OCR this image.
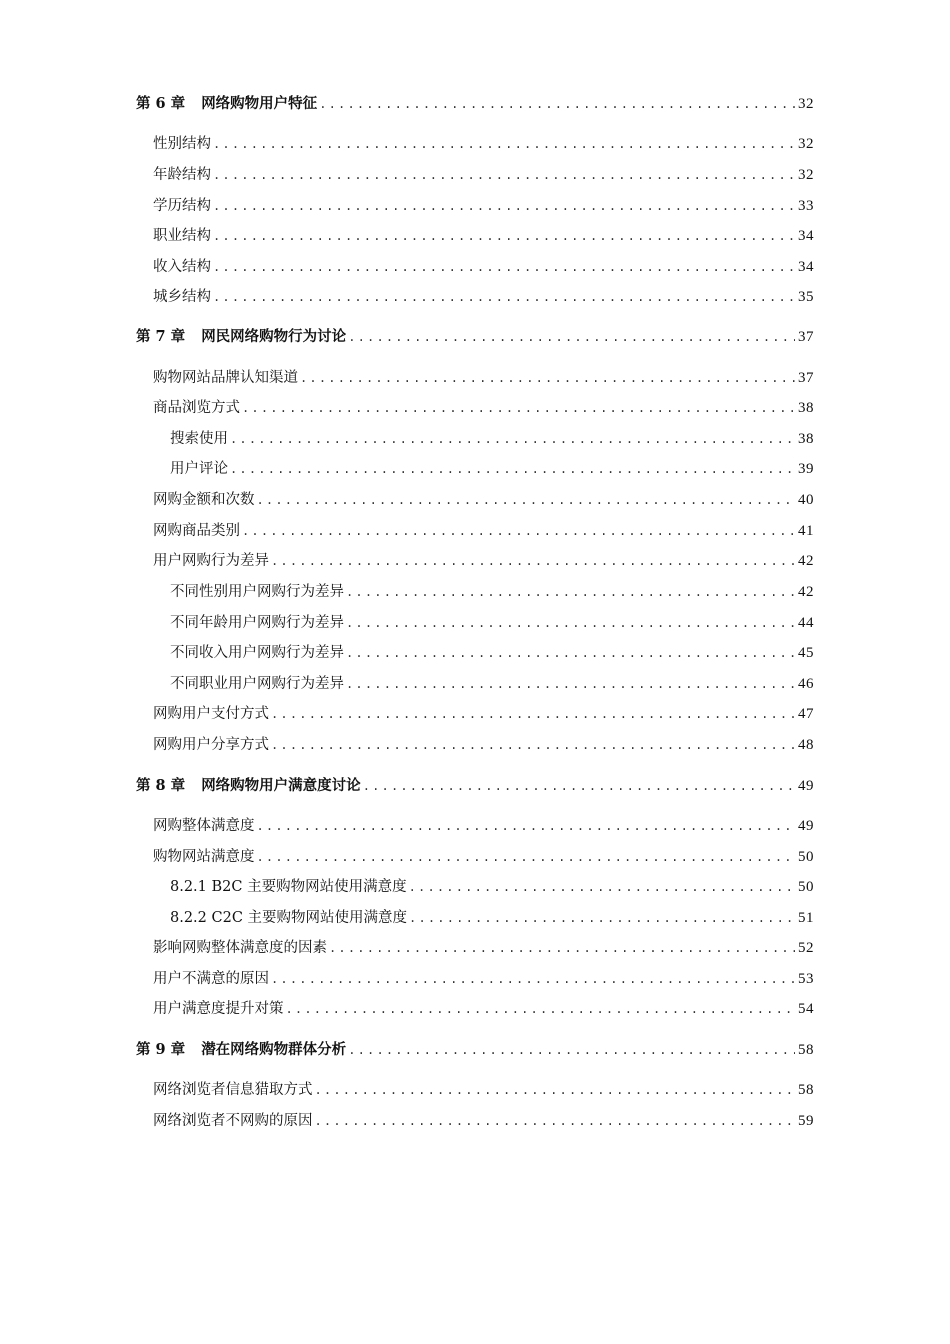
第 6 章 网络购物用户特征 .....	32
性别结构 .....	32
年龄结构 .....	32
学历结构 .....	33
职业结构 .....	34
收入结构 .....	34
城乡结构 .....	35
第 7 章 网民网络购物行为讨论 .....	37
购物网站品牌认知渠道 .....	37
商品浏览方式 .....	38
搜索使用 .....	38
用户评论 .....	39
网购金额和次数 .....	40
网购商品类别 .....	41
用户网购行为差异 .....	42
不同性别用户网购行为差异 .....	42
不同年龄用户网购行为差异 .....	44
不同收入用户网购行为差异 .....	45
不同职业用户网购行为差异 .....	46
网购用户支付方式 .....	47
网购用户分享方式 .....	48
第 8 章 网络购物用户满意度讨论 .....	49
网购整体满意度 .....	49
购物网站满意度 .....	50
8.2.1 B2C 主要购物网站使用满意度 .....	50
8.2.2 C2C 主要购物网站使用满意度 .....	51
影响网购整体满意度的因素 .....	52
用户不满意的原因 .....	53
用户满意度提升对策 .....	54
第 9 章 潜在网络购物群体分析 .....	58
网络浏览者信息猎取方式 .....	58
网络浏览者不网购的原因 .....	59
